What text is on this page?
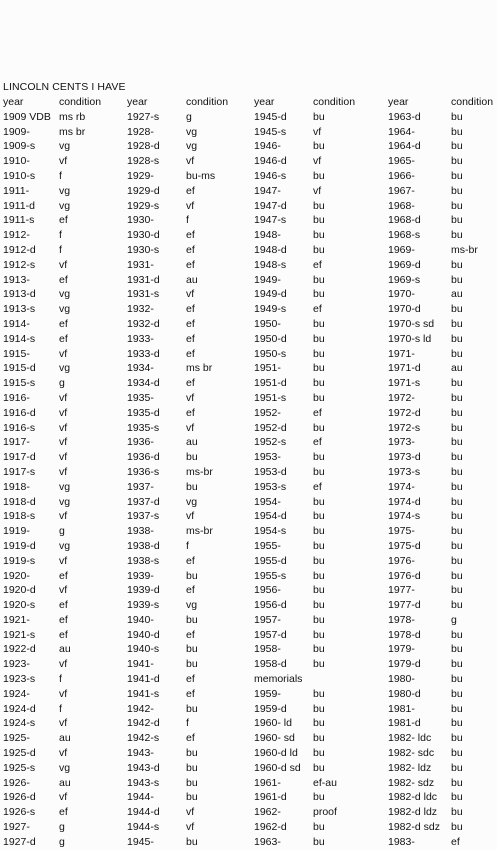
LINCOLN CENTS I HAVE
year	condition
1909 VDB ms rb
1909-	ms br
1909-s vg
1910-	vf
1910-s f
1911-	vg
1911-d vg
1911-s ef
1912-	f
1912-d f
1912-s vf
1913-	ef
1913-d vg
1913-s vg
1914-	ef
1914-s ef
1915-	vf
1915-d vg
1915-s g
1916-	vf
1916-d vf
1916-s vf
1917-	vf
1917-d vf
1917-s vf
1918-	vg
1918-d vg
1918-s vf
1919-	g
1919-d vg
1919-s vf
1920-	ef
1920-d vf
1920-s ef
1921-	ef
1921-s ef
1922-d au
1923-	vf
1923-s f
1924-	vf
1924-d f
1924-s vf
1925-	au
1925-d vf
1925-s vg
1926-	au
1926-d vf
1926-s ef
1927-	g
1927-d g
year	condition
1927-s	g
1928-	vg
1928-d	vg
1928-s	vf
1929-	bu-ms
1929-d	ef
1929-s	vf
1930-	f
1930-d	ef
1930-s	ef
1931-	ef
1931-d	au
1931-s	vf
1932-	ef
1932-d	ef
1933-	ef
1933-d	ef
1934-	ms br
1934-d	ef
1935-	vf
1935-d	ef
1935-s	vf
1936-	au
1936-d	bu
1936-s	ms-br
1937-	bu
1937-d	vg
1937-s	vf
1938-	ms-br
1938-d	f
1938-s	ef
1939-	bu
1939-d	ef
1939-s	vg
1940-	bu
1940-d	ef
1940-s	bu
1941-	bu
1941-d	ef
1941-s	ef
1942-	bu
1942-d	f
1942-s	ef
1943-	bu
1943-d	bu
1943-s	bu
1944-	bu
1944-d	vf
1944-s	vf
1945-	bu
year	condition
1945-d	bu
1945-s	vf
1946-	bu
1946-d	vf
1946-s	bu
1947-	vf
1947-d	bu
1947-s	bu
1948-	bu
1948-d	bu
1948-s	ef
1949-	bu
1949-d	bu
1949-s	ef
1950-	bu
1950-d	bu
1950-s	bu
1951-	bu
1951-d	bu
1951-s	bu
1952-	ef
1952-d	bu
1952-s	ef
1953-	bu
1953-d	bu
1953-s	ef
1954-	bu
1954-d	bu
1954-s	bu
1955-	bu
1955-d	bu
1955-s	bu
1956-	bu
1956-d	bu
1957-	bu
1957-d	bu
1958-	bu
1958-d	bu
memorials
1959-	bu
1959-d	bu
1960- ld bu
1960- sd bu
1960-d ld bu
1960-d sd bu
1961-	ef-au
1961-d	bu
1962-	proof
1962-d	bu
1963-	bu
year	condition
1963-d	bu
1964-	bu
1964-d	bu
1965-	bu
1966-	bu
1967-	bu
1968-	bu
1968-d	bu
1968-s	bu
1969-	ms-br
1969-d	bu
1969-s	bu
1970-	au
1970-d	bu
1970-s sd bu
1970-s ld bu
1971-	bu
1971-d	au
1971-s	bu
1972-	bu
1972-d	bu
1972-s	bu
1973-	bu
1973-d	bu
1973-s	bu
1974-	bu
1974-d	bu
1974-s	bu
1975-	bu
1975-d	bu
1976-	bu
1976-d	bu
1977-	bu
1977-d	bu
1978-	g
1978-d	bu
1979-	bu
1979-d	bu
1980-	bu
1980-d	bu
1981-	bu
1981-d	bu
1982- ldc bu
1982- sdc bu
1982- ldz bu
1982- sdz bu
1982-d ldc bu
1982-d ldz bu
1982-d sdz bu
1983-	ef
